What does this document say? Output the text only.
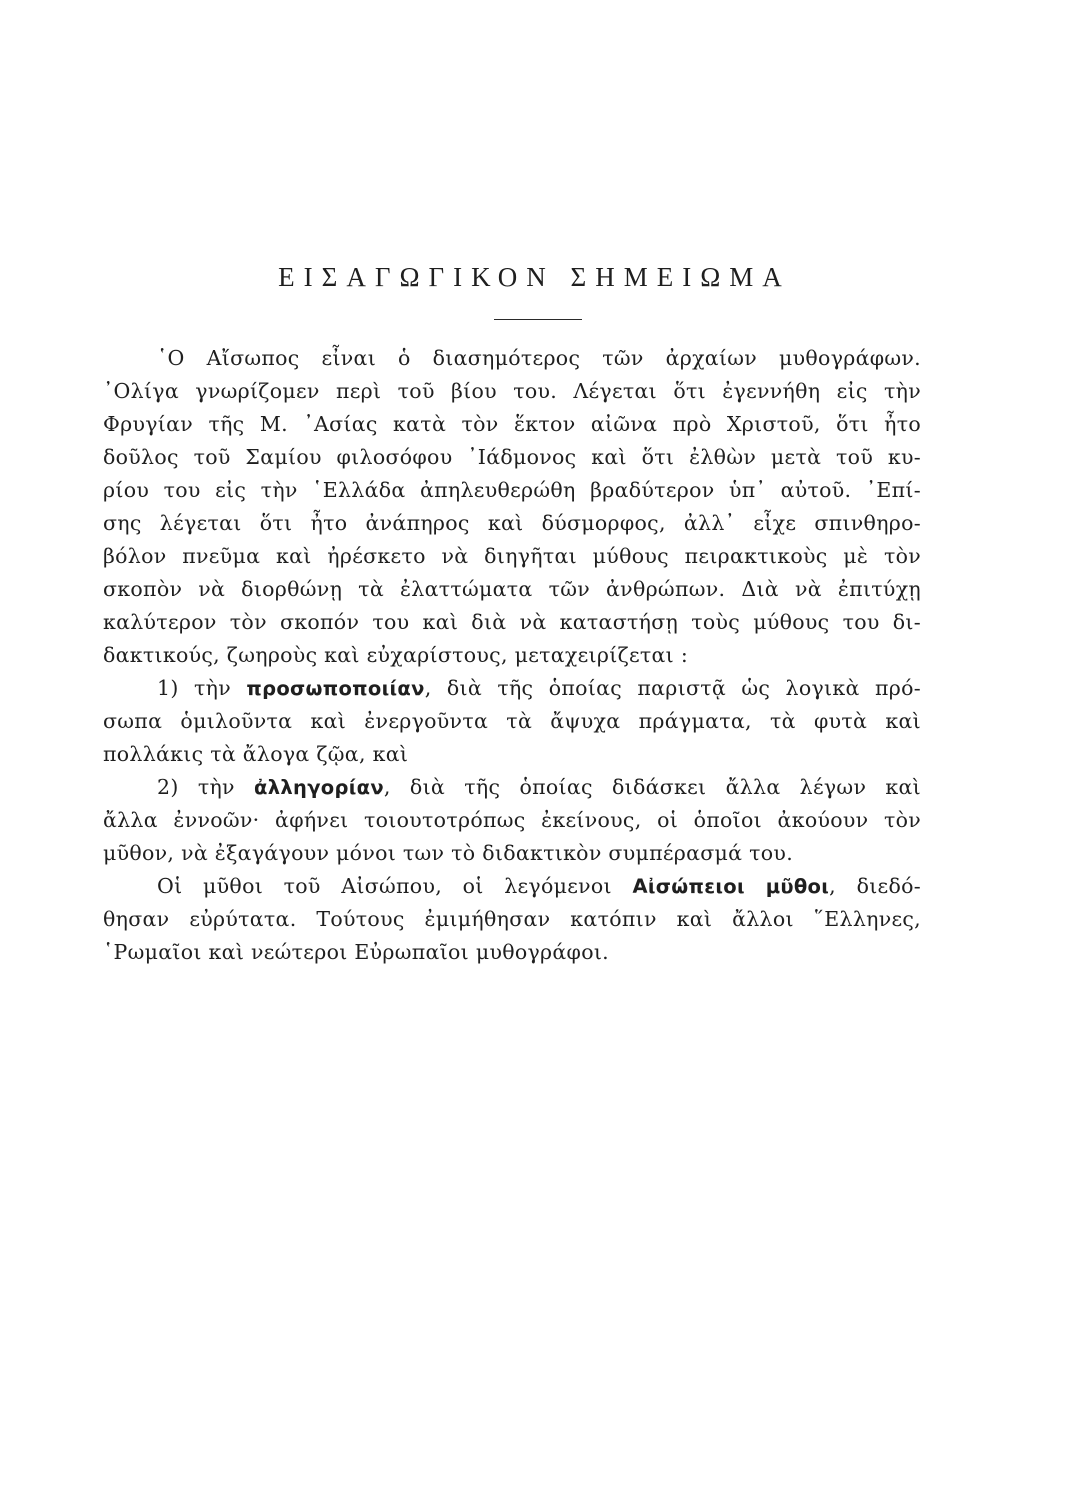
ΕΙΣΑΓΩΓΙΚΟΝ ΣΗΜΕΙΩΜΑ
῾Ο Αἴσωπος εἶναι ὁ διασημότερος τῶν ἀρχαίων μυθογράφων.
᾽Ολίγα γνωρίζομεν περὶ τοῦ βίου του. Λέγεται ὅτι ἐγεννήθη εἰς τὴν
Φρυγίαν τῆς Μ. ᾽Ασίας κατὰ τὸν ἕκτον αἰῶνα πρὸ Χριστοῦ, ὅτι ἦτο
δοῦλος τοῦ Σαμίου φιλοσόφου ᾽Ιάδμονος καὶ ὅτι ἐλθὼν μετὰ τοῦ κυ-
ρίου του εἰς τὴν ῾Ελλάδα ἀπηλευθερώθη βραδύτερον ὑπ᾽ αὐτοῦ. ᾽Επί-
σης λέγεται ὅτι ἦτο ἀνάπηρος καὶ δύσμορφος, ἀλλ᾽ εἶχε σπινθηρο-
βόλον πνεῦμα καὶ ἠρέσκετο νὰ διηγῆται μύθους πειρακτικοὺς μὲ τὸν
σκοπὸν νὰ διορθώνῃ τὰ ἐλαττώματα τῶν ἀνθρώπων. Διὰ νὰ ἐπιτύχῃ
καλύτερον τὸν σκοπόν του καὶ διὰ νὰ καταστήσῃ τοὺς μύθους του δι-
δακτικούς, ζωηροὺς καὶ εὐχαρίστους, μεταχειρίζεται :
1) τὴν προσωποποιίαν, διὰ τῆς ὁποίας παριστᾷ ὡς λογικὰ πρό-
σωπα ὁμιλοῦντα καὶ ἐνεργοῦντα τὰ ἄψυχα πράγματα, τὰ φυτὰ καὶ
πολλάκις τὰ ἄλογα ζῷα, καὶ
2) τὴν ἀλληγορίαν, διὰ τῆς ὁποίας διδάσκει ἄλλα λέγων καὶ
ἄλλα ἐννοῶν· ἀφήνει τοιουτοτρόπως ἐκείνους, οἱ ὁποῖοι ἀκούουν τὸν
μῦθον, νὰ ἐξαγάγουν μόνοι των τὸ διδακτικὸν συμπέρασμά του.
Οἱ μῦθοι τοῦ Αἰσώπου, οἱ λεγόμενοι Αἰσώπειοι μῦθοι, διεδό-
θησαν εὐρύτατα. Τούτους ἐμιμήθησαν κατόπιν καὶ ἄλλοι ῞Ελληνες,
῾Ρωμαῖοι καὶ νεώτεροι Εὐρωπαῖοι μυθογράφοι.
